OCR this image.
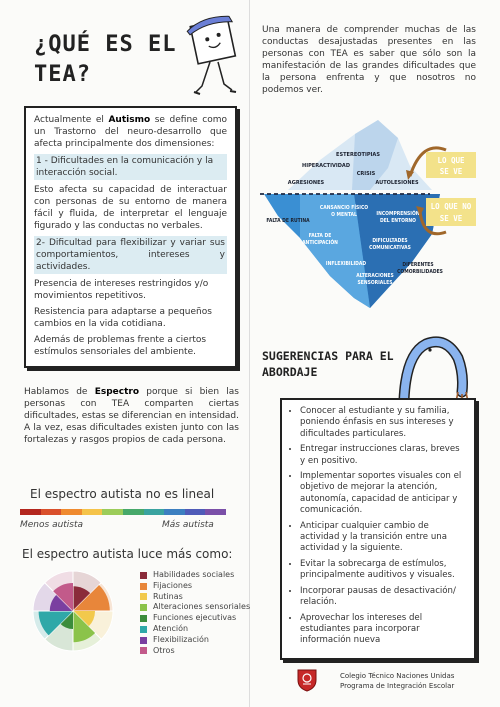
¿QUÉ ES EL TEA?

Actualmente el Autismo se define como un Trastorno del neuro-desarrollo que afecta principalmente dos dimensiones:

1 - Dificultades en la comunicación y la interacción social.

Esto afecta su capacidad de interactuar con personas de su entorno de manera fácil y fluida, de interpretar el lenguaje figurado y las conductas no verbales.

2- Dificultad para flexibilizar y variar sus comportamientos, intereses y actividades.

Presencia de intereses restringidos y/o movimientos repetitivos.

Resistencia para adaptarse a pequeños cambios en la vida cotidiana.

Además de problemas frente a ciertos estímulos sensoriales del ambiente.

Hablamos de Espectro porque si bien las personas con TEA comparten ciertas dificultades, estas se diferencian en intensidad. A la vez, esas dificultades existen junto con las fortalezas y rasgos propios de cada persona.
El espectro autista no es lineal
Menos autista	Más autista
El espectro autista luce más como:
Habilidades sociales
Fijaciones
Rutinas
Alteraciones sensoriales
Funciones ejecutivas
Atención
Flexibilización
Otros
Una manera de comprender muchas de las conductas desajustadas presentes en las personas con TEA es saber que sólo son la manifestación de las grandes dificultades que la persona enfrenta y que nosotros no podemos ver.
ESTEREOTIPIAS
HIPERACTIVIDAD
CRISIS
AGRESIONES	AUTOLESIONES
FALTA DE RUTINA
CANSANCIO FÍSICO
O MENTAL	INCOMPRENSIÓN
DEL ENTORNO
FALTA DE
ANTICIPACIÓN	DIFICULTADES
COMUNICATIVAS
INFLEXIBILIDAD	DIFERENTES
COMORBILIDADES
ALTERACIONES
SENSORIALES
LO QUE
SE VE
LO QUE NO
SE VE
SUGERENCIAS PARA EL ABORDAJE
• Conocer al estudiante y su familia, poniendo énfasis en sus intereses y dificultades particulares.
• Entregar instrucciones claras, breves y en positivo.
• Implementar soportes visuales con el objetivo de mejorar la atención, autonomía, capacidad de anticipar y comunicación.
• Anticipar cualquier cambio de actividad y la transición entre una actividad y la siguiente.
• Evitar la sobrecarga de estímulos, principalmente auditivos y visuales.
• Incorporar pausas de desactivación/ relación.
• Aprovechar los intereses del estudiantes para incorporar información nueva
Colegio Técnico Naciones Unidas
Programa de Integración Escolar
